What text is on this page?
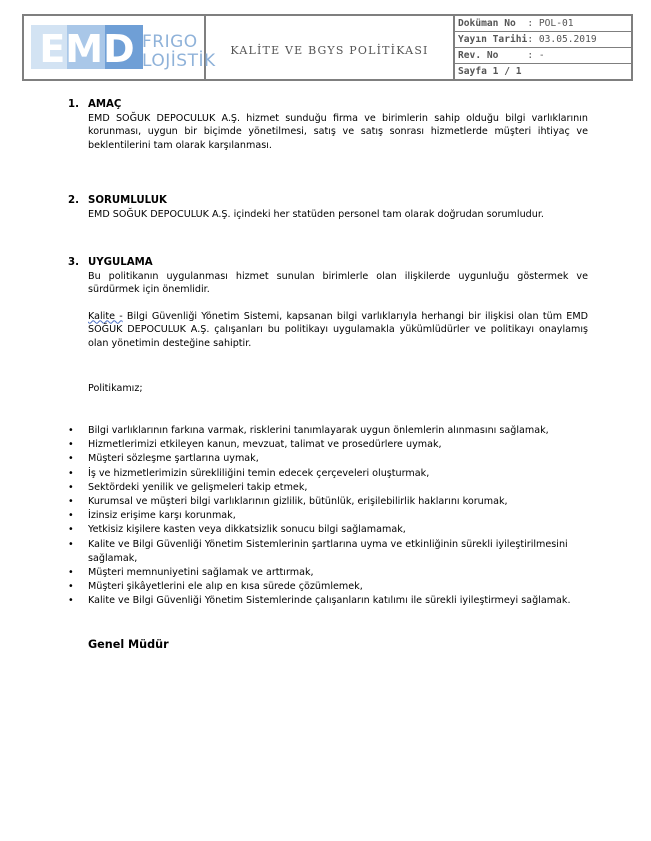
EMD FRIGO
LOJİSTİK
KALİTE VE BGYS POLİTİKASI
Doküman No : POL-01
Yayın Tarihi : 03.05.2019
Rev. No : -
Sayfa 1 / 1
1. AMAÇ
EMD SOĞUK DEPOCULUK A.Ş. hizmet sunduğu firma ve birimlerin sahip olduğu bilgi varlıklarının korunması, uygun bir biçimde yönetilmesi, satış ve satış sonrası hizmetlerde müşteri ihtiyaç ve beklentilerini tam olarak karşılanması.
2. SORUMLULUK
EMD SOĞUK DEPOCULUK A.Ş. içindeki her statüden personel tam olarak doğrudan sorumludur.
3. UYGULAMA
Bu politikanın uygulanması hizmet sunulan birimlerle olan ilişkilerde uygunluğu göstermek ve sürdürmek için önemlidir.
Kalite - Bilgi Güvenliği Yönetim Sistemi, kapsanan bilgi varlıklarıyla herhangi bir ilişkisi olan tüm EMD SOĞUK DEPOCULUK A.Ş. çalışanları bu politikayı uygulamakla yükümlüdürler ve politikayı onaylamış olan yönetimin desteğine sahiptir.
Politikamız;
• Bilgi varlıklarının farkına varmak, risklerini tanımlayarak uygun önlemlerin alınmasını sağlamak,
• Hizmetlerimizi etkileyen kanun, mevzuat, talimat ve prosedürlere uymak,
• Müşteri sözleşme şartlarına uymak,
• İş ve hizmetlerimizin sürekliliğini temin edecek çerçeveleri oluşturmak,
• Sektördeki yenilik ve gelişmeleri takip etmek,
• Kurumsal ve müşteri bilgi varlıklarının gizlilik, bütünlük, erişilebilirlik haklarını korumak,
• İzinsiz erişime karşı korunmak,
• Yetkisiz kişilere kasten veya dikkatsizlik sonucu bilgi sağlamamak,
• Kalite ve Bilgi Güvenliği Yönetim Sistemlerinin şartlarına uyma ve etkinliğinin sürekli iyileştirilmesini sağlamak,
• Müşteri memnuniyetini sağlamak ve arttırmak,
• Müşteri şikâyetlerini ele alıp en kısa sürede çözümlemek,
• Kalite ve Bilgi Güvenliği Yönetim Sistemlerinde çalışanların katılımı ile sürekli iyileştirmeyi sağlamak.
Genel Müdür
